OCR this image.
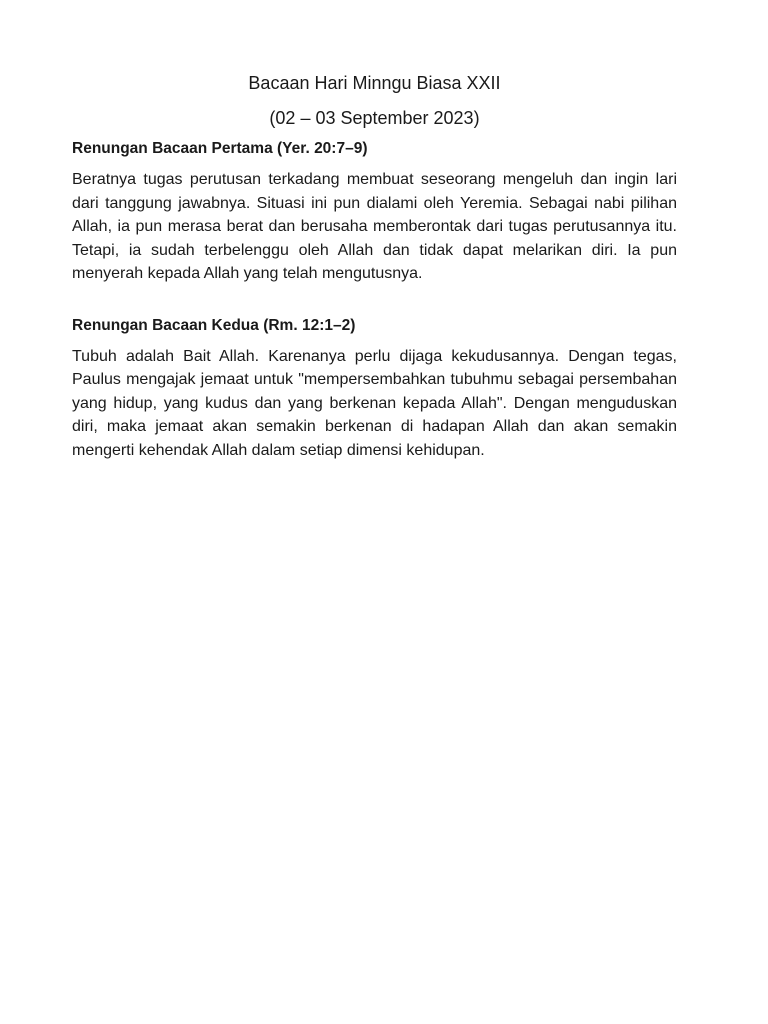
Bacaan Hari Minngu Biasa XXII
(02 – 03 September 2023)
Renungan Bacaan Pertama (Yer. 20:7–9)

Beratnya tugas perutusan terkadang membuat seseorang mengeluh dan ingin lari dari tanggung jawabnya. Situasi ini pun dialami oleh Yeremia. Sebagai nabi pilihan Allah, ia pun merasa berat dan berusaha memberontak dari tugas perutusannya itu. Tetapi, ia sudah terbelenggu oleh Allah dan tidak dapat melarikan diri. Ia pun menyerah kepada Allah yang telah mengutusnya.

Renungan Bacaan Kedua (Rm. 12:1–2)

Tubuh adalah Bait Allah. Karenanya perlu dijaga kekudusannya. Dengan tegas, Paulus mengajak jemaat untuk "mempersembahkan tubuhmu sebagai persembahan yang hidup, yang kudus dan yang berkenan kepada Allah". Dengan menguduskan diri, maka jemaat akan semakin berkenan di hadapan Allah dan akan semakin mengerti kehendak Allah dalam setiap dimensi kehidupan.
